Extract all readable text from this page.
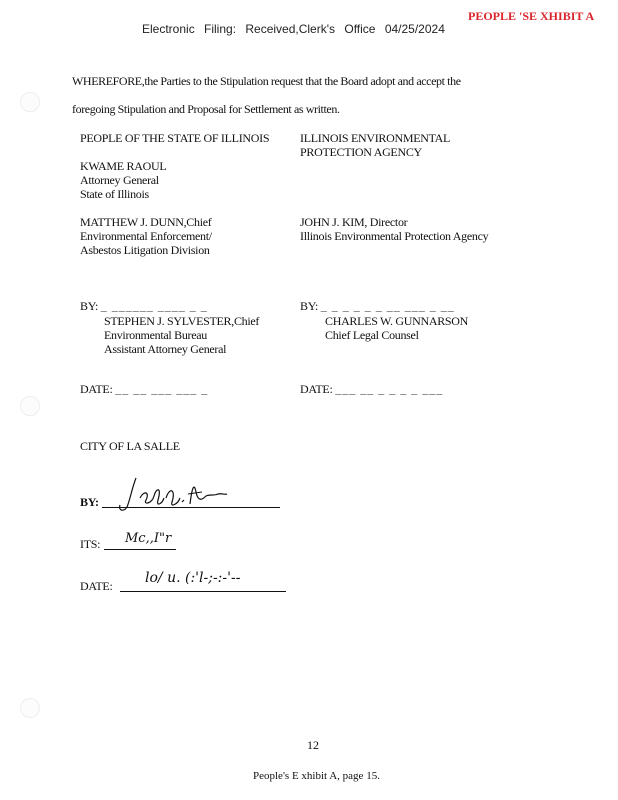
Electronic Filing: Received,Clerk's Office 04/25/2024
PEOPLE 'SE XHIBIT A
WHEREFORE,the Parties to the Stipulation request that the Board adopt and accept the
foregoing Stipulation and Proposal for Settlement as written.
PEOPLE OF THE STATE OF ILLINOIS
KWAME RAOUL
Attorney General
State of Illinois
MATTHEW J. DUNN,Chief
Environmental Enforcement/
Asbestos Litigation Division
BY: _ ______ ____ _ _
STEPHEN J. SYLVESTER,Chief
Environmental Bureau
Assistant Attorney General
DATE: __ __ ___ ___ _
ILLINOIS ENVIRONMENTAL
PROTECTION AGENCY
JOHN J. KIM, Director
Illinois Environmental Protection Agency
BY: _ _ _ _ _ _ __ ___ _ __
CHARLES W. GUNNARSON
Chief Legal Counsel
DATE: ___ __ _ _ _ _ ___
CITY OF LA SALLE
BY:
ITS: Mc,,I"r
DATE: lo/ u. (:'l-;-:-'--
12
People's E xhibit A, page 15.
